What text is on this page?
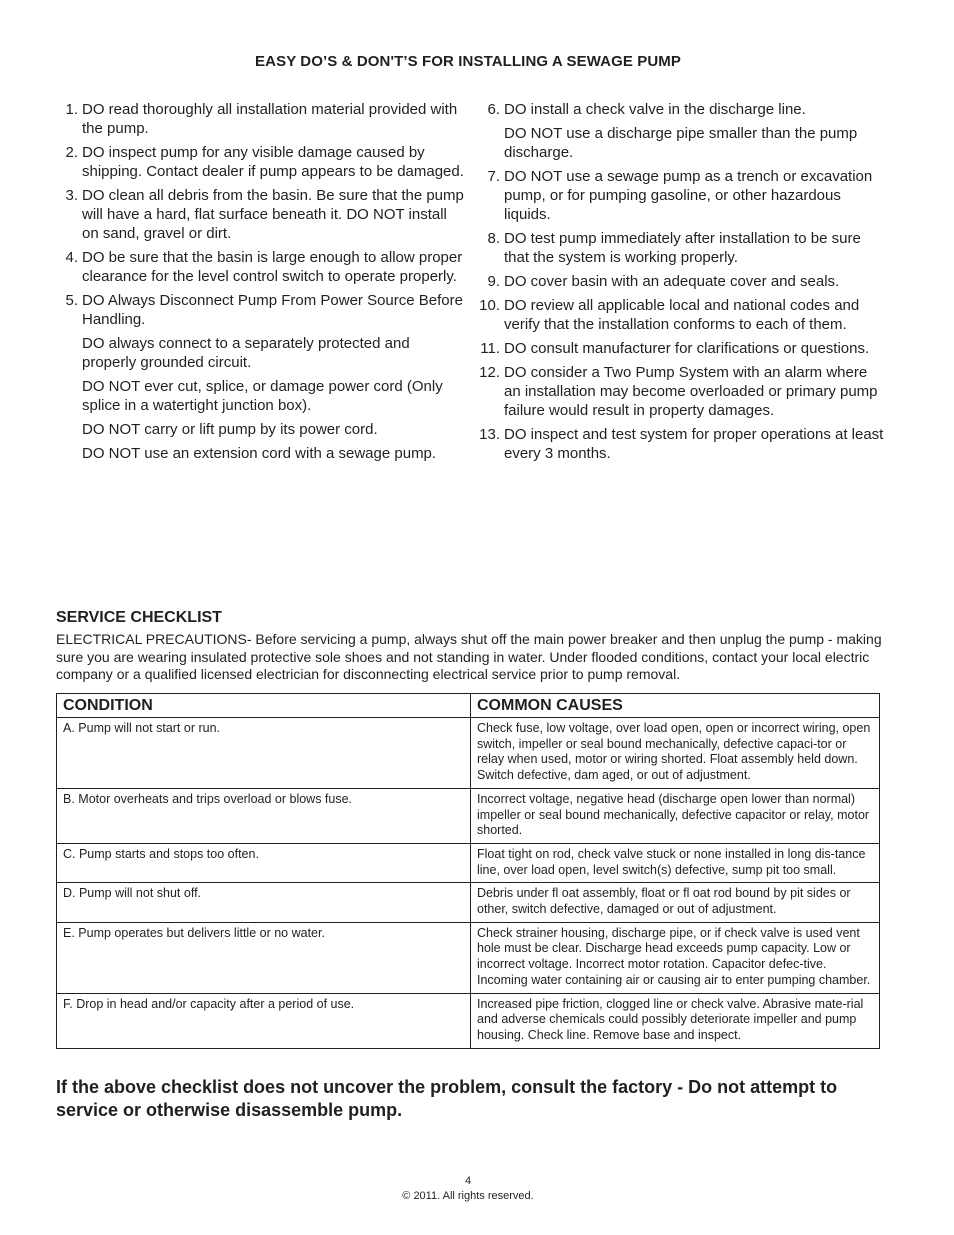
EASY DO’S & DON'T’S FOR INSTALLING A SEWAGE PUMP
1. DO read thoroughly all installation material provided with the pump.
2. DO inspect pump for any visible damage caused by shipping. Contact dealer if pump appears to be damaged.
3. DO clean all debris from the basin. Be sure that the pump will have a hard, flat surface beneath it. DO NOT install on sand, gravel or dirt.
4. DO be sure that the basin is large enough to allow proper clearance for the level control switch to operate properly.
5. DO Always Disconnect Pump From Power Source Before Handling.
DO always connect to a separately protected and properly grounded circuit.
DO NOT ever cut, splice, or damage power cord (Only splice in a watertight junction box).
DO NOT carry or lift pump by its power cord.
DO NOT use an extension cord with a sewage pump.
6. DO install a check valve in the discharge line.
DO NOT use a discharge pipe smaller than the pump discharge.
7. DO NOT use a sewage pump as a trench or excavation pump, or for pumping gasoline, or other hazardous liquids.
8. DO test pump immediately after installation to be sure that the system is working properly.
9. DO cover basin with an adequate cover and seals.
10. DO review all applicable local and national codes and verify that the installation conforms to each of them.
11. DO consult manufacturer for clarifications or questions.
12. DO consider a Two Pump System with an alarm where an installation may become overloaded or primary pump failure would result in property damages.
13. DO inspect and test system for proper operations at least every 3 months.
SERVICE CHECKLIST
ELECTRICAL PRECAUTIONS- Before servicing a pump, always shut off the main power breaker and then unplug the pump - making sure you are wearing insulated protective sole shoes and not standing in water. Under flooded conditions, contact your local electric company or a qualified licensed electrician for disconnecting electrical service prior to pump removal.
CONDITION	COMMON CAUSES
A. Pump will not start or run.	Check fuse, low voltage, over load open, open or incorrect wiring, open switch, impeller or seal bound mechanically, defective capaci-tor or relay when used, motor or wiring shorted. Float assembly held down. Switch defective, dam aged, or out of adjustment.
B. Motor overheats and trips overload or blows fuse.	Incorrect voltage, negative head (discharge open lower than normal) impeller or seal bound mechanically, defective capacitor or relay, motor shorted.
C. Pump starts and stops too often.	Float tight on rod, check valve stuck or none installed in long dis-tance line, over load open, level switch(s) defective, sump pit too small.
D. Pump will not shut off.	Debris under fl oat assembly, float or fl oat rod bound by pit sides or other, switch defective, damaged or out of adjustment.
E. Pump operates but delivers little or no water.	Check strainer housing, discharge pipe, or if check valve is used vent hole must be clear. Discharge head exceeds pump capacity. Low or incorrect voltage. Incorrect motor rotation. Capacitor defec-tive. Incoming water containing air or causing air to enter pumping chamber.
F. Drop in head and/or capacity after a period of use.	Increased pipe friction, clogged line or check valve. Abrasive mate-rial and adverse chemicals could possibly deteriorate impeller and pump housing. Check line. Remove base and inspect.
If the above checklist does not uncover the problem, consult the factory - Do not attempt to service or otherwise disassemble pump.
4
© 2011. All rights reserved.
